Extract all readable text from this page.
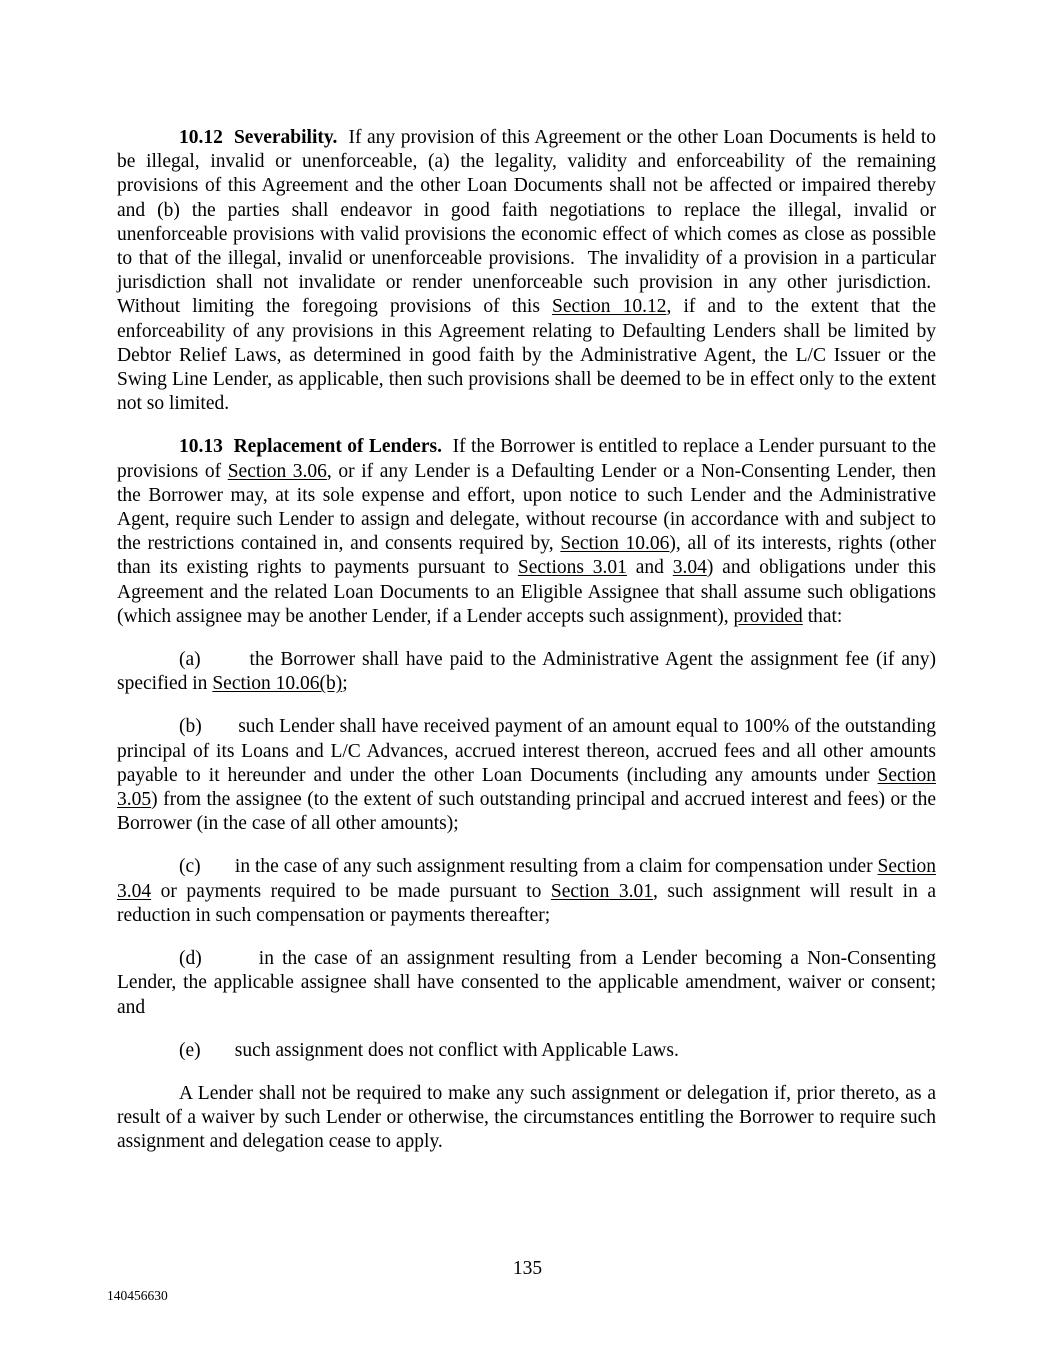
10.12  Severability.  If any provision of this Agreement or the other Loan Documents is held to be illegal, invalid or unenforceable, (a) the legality, validity and enforceability of the remaining provisions of this Agreement and the other Loan Documents shall not be affected or impaired thereby and (b) the parties shall endeavor in good faith negotiations to replace the illegal, invalid or unenforceable provisions with valid provisions the economic effect of which comes as close as possible to that of the illegal, invalid or unenforceable provisions.  The invalidity of a provision in a particular jurisdiction shall not invalidate or render unenforceable such provision in any other jurisdiction.  Without limiting the foregoing provisions of this Section 10.12, if and to the extent that the enforceability of any provisions in this Agreement relating to Defaulting Lenders shall be limited by Debtor Relief Laws, as determined in good faith by the Administrative Agent, the L/C Issuer or the Swing Line Lender, as applicable, then such provisions shall be deemed to be in effect only to the extent not so limited.
10.13  Replacement of Lenders.  If the Borrower is entitled to replace a Lender pursuant to the provisions of Section 3.06, or if any Lender is a Defaulting Lender or a Non-Consenting Lender, then the Borrower may, at its sole expense and effort, upon notice to such Lender and the Administrative Agent, require such Lender to assign and delegate, without recourse (in accordance with and subject to the restrictions contained in, and consents required by, Section 10.06), all of its interests, rights (other than its existing rights to payments pursuant to Sections 3.01 and 3.04) and obligations under this Agreement and the related Loan Documents to an Eligible Assignee that shall assume such obligations (which assignee may be another Lender, if a Lender accepts such assignment), provided that:
(a)       the Borrower shall have paid to the Administrative Agent the assignment fee (if any) specified in Section 10.06(b);
(b)       such Lender shall have received payment of an amount equal to 100% of the outstanding principal of its Loans and L/C Advances, accrued interest thereon, accrued fees and all other amounts payable to it hereunder and under the other Loan Documents (including any amounts under Section 3.05) from the assignee (to the extent of such outstanding principal and accrued interest and fees) or the Borrower (in the case of all other amounts);
(c)       in the case of any such assignment resulting from a claim for compensation under Section 3.04 or payments required to be made pursuant to Section 3.01, such assignment will result in a reduction in such compensation or payments thereafter;
(d)       in the case of an assignment resulting from a Lender becoming a Non-Consenting Lender, the applicable assignee shall have consented to the applicable amendment, waiver or consent; and
(e)       such assignment does not conflict with Applicable Laws.
A Lender shall not be required to make any such assignment or delegation if, prior thereto, as a result of a waiver by such Lender or otherwise, the circumstances entitling the Borrower to require such assignment and delegation cease to apply.
135
140456630
